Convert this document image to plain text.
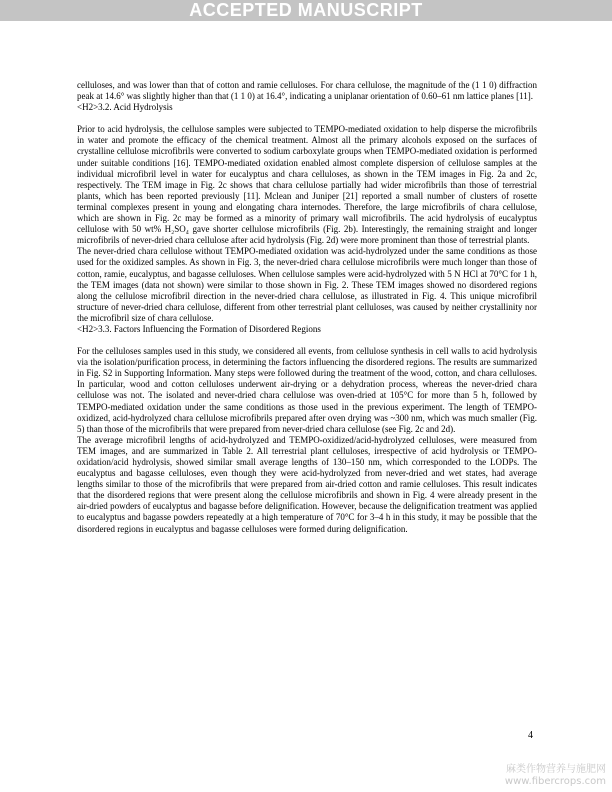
ACCEPTED MANUSCRIPT

celluloses, and was lower than that of cotton and ramie celluloses. For chara cellulose, the magnitude of the (1 1 0) diffraction peak at 14.6° was slightly higher than that (1 1 0) at 16.4°, indicating a uniplanar orientation of 0.60–61 nm lattice planes [11].

<H2>3.2. Acid Hydrolysis

Prior to acid hydrolysis, the cellulose samples were subjected to TEMPO-mediated oxidation to help disperse the microfibrils in water and promote the efficacy of the chemical treatment. Almost all the primary alcohols exposed on the surfaces of crystalline cellulose microfibrils were converted to sodium carboxylate groups when TEMPO-mediated oxidation is performed under suitable conditions [16]. TEMPO-mediated oxidation enabled almost complete dispersion of cellulose samples at the individual microfibril level in water for eucalyptus and chara celluloses, as shown in the TEM images in Fig. 2a and 2c, respectively. The TEM image in Fig. 2c shows that chara cellulose partially had wider microfibrils than those of terrestrial plants, which has been reported previously [11]. Mclean and Juniper [21] reported a small number of clusters of rosette terminal complexes present in young and elongating chara internodes. Therefore, the large microfibrils of chara cellulose, which are shown in Fig. 2c may be formed as a minority of primary wall microfibrils. The acid hydrolysis of eucalyptus cellulose with 50 wt% H₂SO₄ gave shorter cellulose microfibrils (Fig. 2b). Interestingly, the remaining straight and longer microfibrils of never-dried chara cellulose after acid hydrolysis (Fig. 2d) were more prominent than those of terrestrial plants.

The never-dried chara cellulose without TEMPO-mediated oxidation was acid-hydrolyzed under the same conditions as those used for the oxidized samples. As shown in Fig. 3, the never-dried chara cellulose microfibrils were much longer than those of cotton, ramie, eucalyptus, and bagasse celluloses. When cellulose samples were acid-hydrolyzed with 5 N HCl at 70°C for 1 h, the TEM images (data not shown) were similar to those shown in Fig. 2. These TEM images showed no disordered regions along the cellulose microfibril direction in the never-dried chara cellulose, as illustrated in Fig. 4. This unique microfibril structure of never-dried chara cellulose, different from other terrestrial plant celluloses, was caused by neither crystallinity nor the microfibril size of chara cellulose.

<H2>3.3. Factors Influencing the Formation of Disordered Regions

For the celluloses samples used in this study, we considered all events, from cellulose synthesis in cell walls to acid hydrolysis via the isolation/purification process, in determining the factors influencing the disordered regions. The results are summarized in Fig. S2 in Supporting Information. Many steps were followed during the treatment of the wood, cotton, and chara celluloses. In particular, wood and cotton celluloses underwent air-drying or a dehydration process, whereas the never-dried chara cellulose was not. The isolated and never-dried chara cellulose was oven-dried at 105°C for more than 5 h, followed by TEMPO-mediated oxidation under the same conditions as those used in the previous experiment. The length of TEMPO-oxidized, acid-hydrolyzed chara cellulose microfibrils prepared after oven drying was ~300 nm, which was much smaller (Fig. 5) than those of the microfibrils that were prepared from never-dried chara cellulose (see Fig. 2c and 2d).

The average microfibril lengths of acid-hydrolyzed and TEMPO-oxidized/acid-hydrolyzed celluloses, were measured from TEM images, and are summarized in Table 2. All terrestrial plant celluloses, irrespective of acid hydrolysis or TEMPO-oxidation/acid hydrolysis, showed similar small average lengths of 130–150 nm, which corresponded to the LODPs. The eucalyptus and bagasse celluloses, even though they were acid-hydrolyzed from never-dried and wet states, had average lengths similar to those of the microfibrils that were prepared from air-dried cotton and ramie celluloses. This result indicates that the disordered regions that were present along the cellulose microfibrils and shown in Fig. 4 were already present in the air-dried powders of eucalyptus and bagasse before delignification. However, because the delignification treatment was applied to eucalyptus and bagasse powders repeatedly at a high temperature of 70°C for 3–4 h in this study, it may be possible that the disordered regions in eucalyptus and bagasse celluloses were formed during delignification.

4
麻类作物营养与施肥网
www.fibercrops.com
